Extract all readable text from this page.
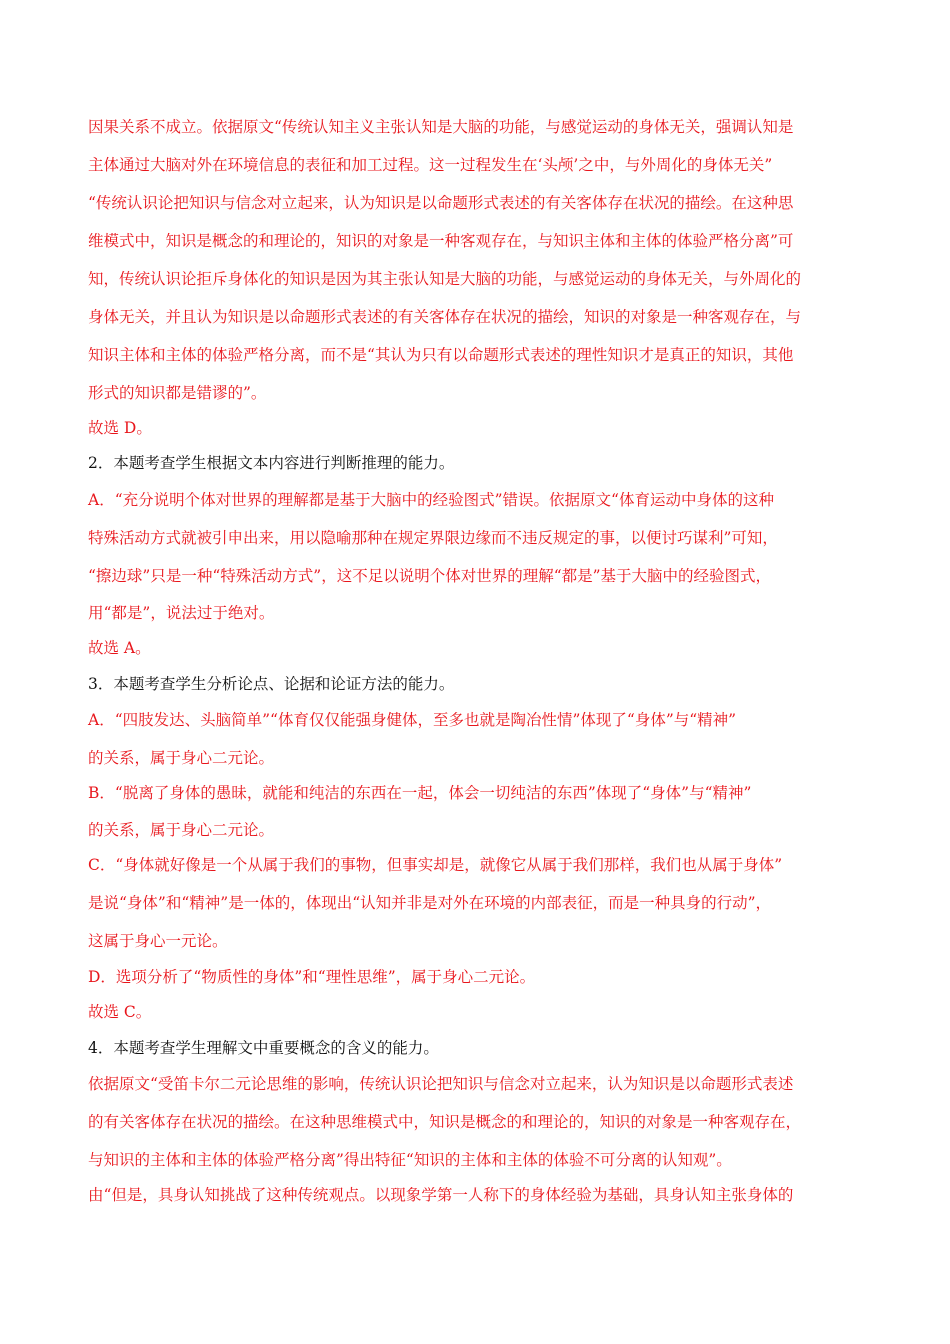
因果关系不成立。依据原文“传统认知主义主张认知是大脑的功能，与感觉运动的身体无关，强调认知是
主体通过大脑对外在环境信息的表征和加工过程。这一过程发生在‘头颅’之中，与外周化的身体无关”
“传统认识论把知识与信念对立起来，认为知识是以命题形式表述的有关客体存在状况的描绘。在这种思
维模式中，知识是概念的和理论的，知识的对象是一种客观存在，与知识主体和主体的体验严格分离”可
知，传统认识论拒斥身体化的知识是因为其主张认知是大脑的功能，与感觉运动的身体无关，与外周化的
身体无关，并且认为知识是以命题形式表述的有关客体存在状况的描绘，知识的对象是一种客观存在，与
知识主体和主体的体验严格分离，而不是“其认为只有以命题形式表述的理性知识才是真正的知识，其他
形式的知识都是错谬的”。
故选 D。
2．本题考查学生根据文本内容进行判断推理的能力。
A．“充分说明个体对世界的理解都是基于大脑中的经验图式”错误。依据原文“体育运动中身体的这种
特殊活动方式就被引申出来，用以隐喻那种在规定界限边缘而不违反规定的事，以便讨巧谋利”可知，
“擦边球”只是一种“特殊活动方式”，这不足以说明个体对世界的理解“都是”基于大脑中的经验图式，
用“都是”，说法过于绝对。
故选 A。
3．本题考查学生分析论点、论据和论证方法的能力。
A．“四肢发达、头脑简单”“体育仅仅能强身健体，至多也就是陶冶性情”体现了“身体”与“精神”
的关系，属于身心二元论。
B．“脱离了身体的愚昧，就能和纯洁的东西在一起，体会一切纯洁的东西”体现了“身体”与“精神”
的关系，属于身心二元论。
C．“身体就好像是一个从属于我们的事物，但事实却是，就像它从属于我们那样，我们也从属于身体”
是说“身体”和“精神”是一体的，体现出“认知并非是对外在环境的内部表征，而是一种具身的行动”，
这属于身心一元论。
D．选项分析了“物质性的身体”和“理性思维”，属于身心二元论。
故选 C。
4．本题考查学生理解文中重要概念的含义的能力。
依据原文“受笛卡尔二元论思维的影响，传统认识论把知识与信念对立起来，认为知识是以命题形式表述
的有关客体存在状况的描绘。在这种思维模式中，知识是概念的和理论的，知识的对象是一种客观存在，
与知识的主体和主体的体验严格分离”得出特征“知识的主体和主体的体验不可分离的认知观”。
由“但是，具身认知挑战了这种传统观点。以现象学第一人称下的身体经验为基础，具身认知主张身体的
